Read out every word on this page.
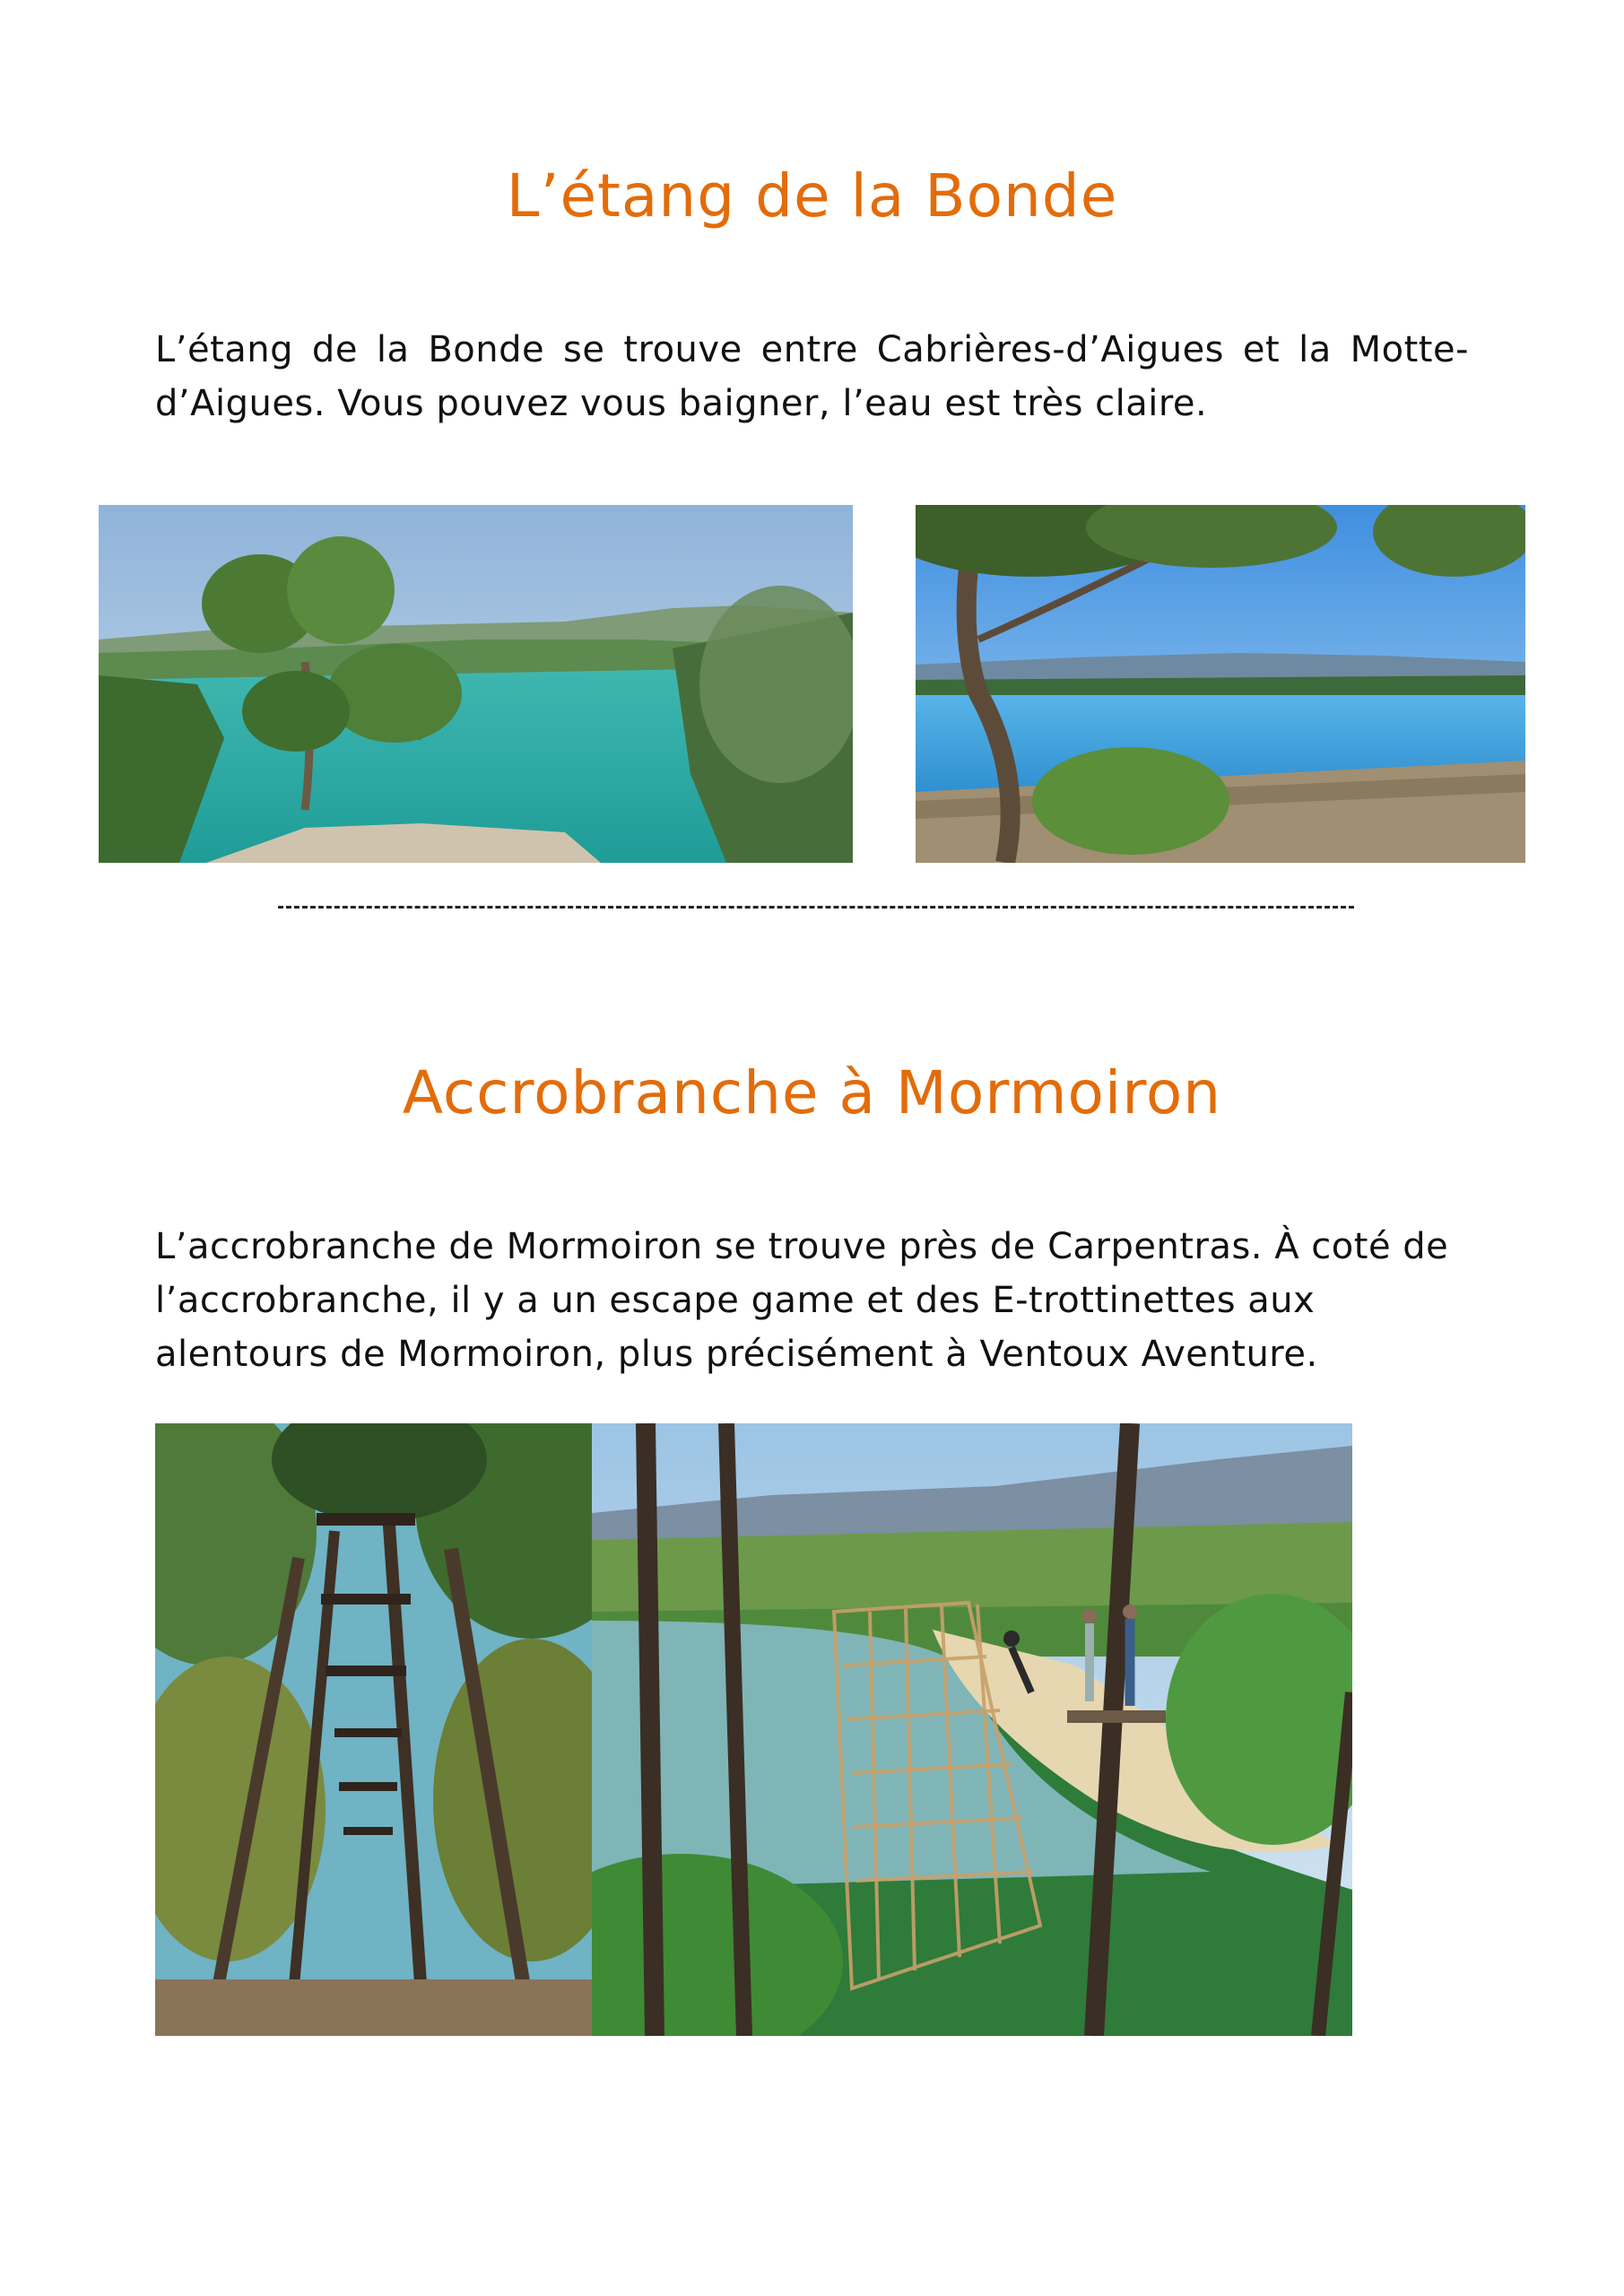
L’étang de la Bonde

L’étang de la Bonde se trouve entre Cabrières-d’Aigues et la Motte-d’Aigues. Vous pouvez vous baigner, l’eau est très claire.

Accrobranche à Mormoiron

L’accrobranche de Mormoiron se trouve près de Carpentras. À coté de l’accrobranche, il y a un escape game et des E-trottinettes aux alentours de Mormoiron, plus précisément à Ventoux Aventure.
